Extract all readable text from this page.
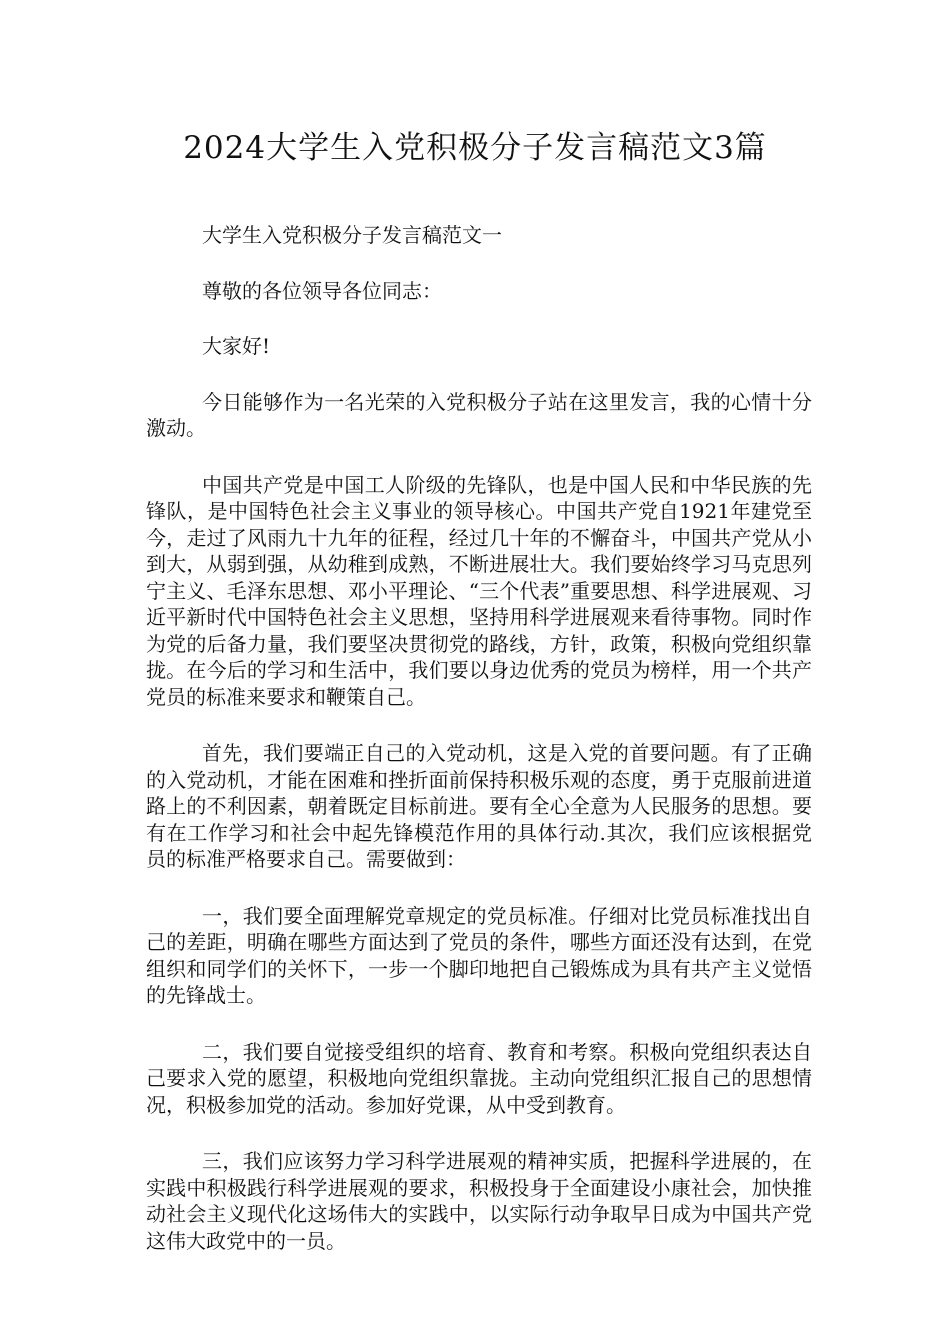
2024大学生入党积极分子发言稿范文3篇

大学生入党积极分子发言稿范文一

尊敬的各位领导各位同志：

大家好!

今日能够作为一名光荣的入党积极分子站在这里发言，我的心情十分激动。

中国共产党是中国工人阶级的先锋队，也是中国人民和中华民族的先锋队，是中国特色社会主义事业的领导核心。中国共产党自1921年建党至今，走过了风雨九十九年的征程，经过几十年的不懈奋斗，中国共产党从小到大，从弱到强，从幼稚到成熟，不断进展壮大。我们要始终学习马克思列宁主义、毛泽东思想、邓小平理论、“三个代表”重要思想、科学进展观、习近平新时代中国特色社会主义思想，坚持用科学进展观来看待事物。同时作为党的后备力量，我们要坚决贯彻党的路线，方针，政策，积极向党组织靠拢。在今后的学习和生活中，我们要以身边优秀的党员为榜样，用一个共产党员的标准来要求和鞭策自己。

首先，我们要端正自己的入党动机，这是入党的首要问题。有了正确的入党动机，才能在困难和挫折面前保持积极乐观的态度，勇于克服前进道路上的不利因素，朝着既定目标前进。要有全心全意为人民服务的思想。要有在工作学习和社会中起先锋模范作用的具体行动.其次，我们应该根据党员的标准严格要求自己。需要做到：

一，我们要全面理解党章规定的党员标准。仔细对比党员标准找出自己的差距，明确在哪些方面达到了党员的条件，哪些方面还没有达到，在党组织和同学们的关怀下，一步一个脚印地把自己锻炼成为具有共产主义觉悟的先锋战士。

二，我们要自觉接受组织的培育、教育和考察。积极向党组织表达自己要求入党的愿望，积极地向党组织靠拢。主动向党组织汇报自己的思想情况，积极参加党的活动。参加好党课，从中受到教育。

三，我们应该努力学习科学进展观的精神实质，把握科学进展的，在实践中积极践行科学进展观的要求，积极投身于全面建设小康社会，加快推动社会主义现代化这场伟大的实践中，以实际行动争取早日成为中国共产党这伟大政党中的一员。
